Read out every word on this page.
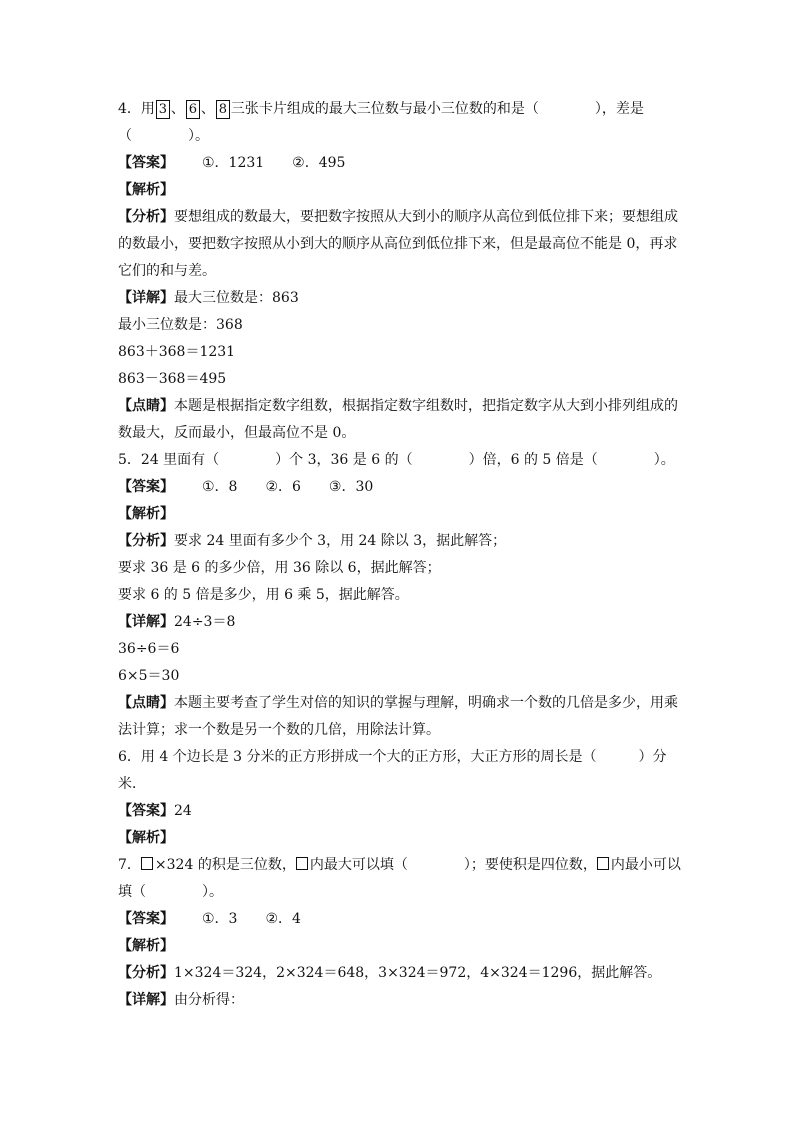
4．用 3 、 6 、 8 三张卡片组成的最大三位数与最小三位数的和是（　　　　），差是
（　　　　）。
【答案】 ①．1231　　②．495
【解析】
【分析】要想组成的数最大，要把数字按照从大到小的顺序从高位到低位排下来；要想组成
的数最小，要把数字按照从小到大的顺序从高位到低位排下来，但是最高位不能是 0，再求
它们的和与差。
【详解】最大三位数是：863
最小三位数是：368
863＋368＝1231
863－368＝495
【点睛】本题是根据指定数字组数，根据指定数字组数时，把指定数字从大到小排列组成的
数最大，反而最小，但最高位不是 0。
5．24 里面有（　　　　）个 3，36 是 6 的（　　　　）倍，6 的 5 倍是（　　　　）。
【答案】 ①．8　　②．6　　③．30
【解析】
【分析】要求 24 里面有多少个 3，用 24 除以 3，据此解答；
要求 36 是 6 的多少倍，用 36 除以 6，据此解答；
要求 6 的 5 倍是多少，用 6 乘 5，据此解答。
【详解】24÷3＝8
36÷6＝6
6×5＝30
【点睛】本题主要考查了学生对倍的知识的掌握与理解，明确求一个数的几倍是多少，用乘
法计算；求一个数是另一个数的几倍，用除法计算。
6．用 4 个边长是 3 分米的正方形拼成一个大的正方形，大正方形的周长是（　　　）分
米．
【答案】24
【解析】
7． ×324 的积是三位数， 内最大可以填（　　　　）；要使积是四位数， 内最小可以
填（　　　　）。
【答案】 ①．3　　②．4
【解析】
【分析】1×324＝324，2×324＝648，3×324＝972，4×324＝1296，据此解答。
【详解】由分析得：
